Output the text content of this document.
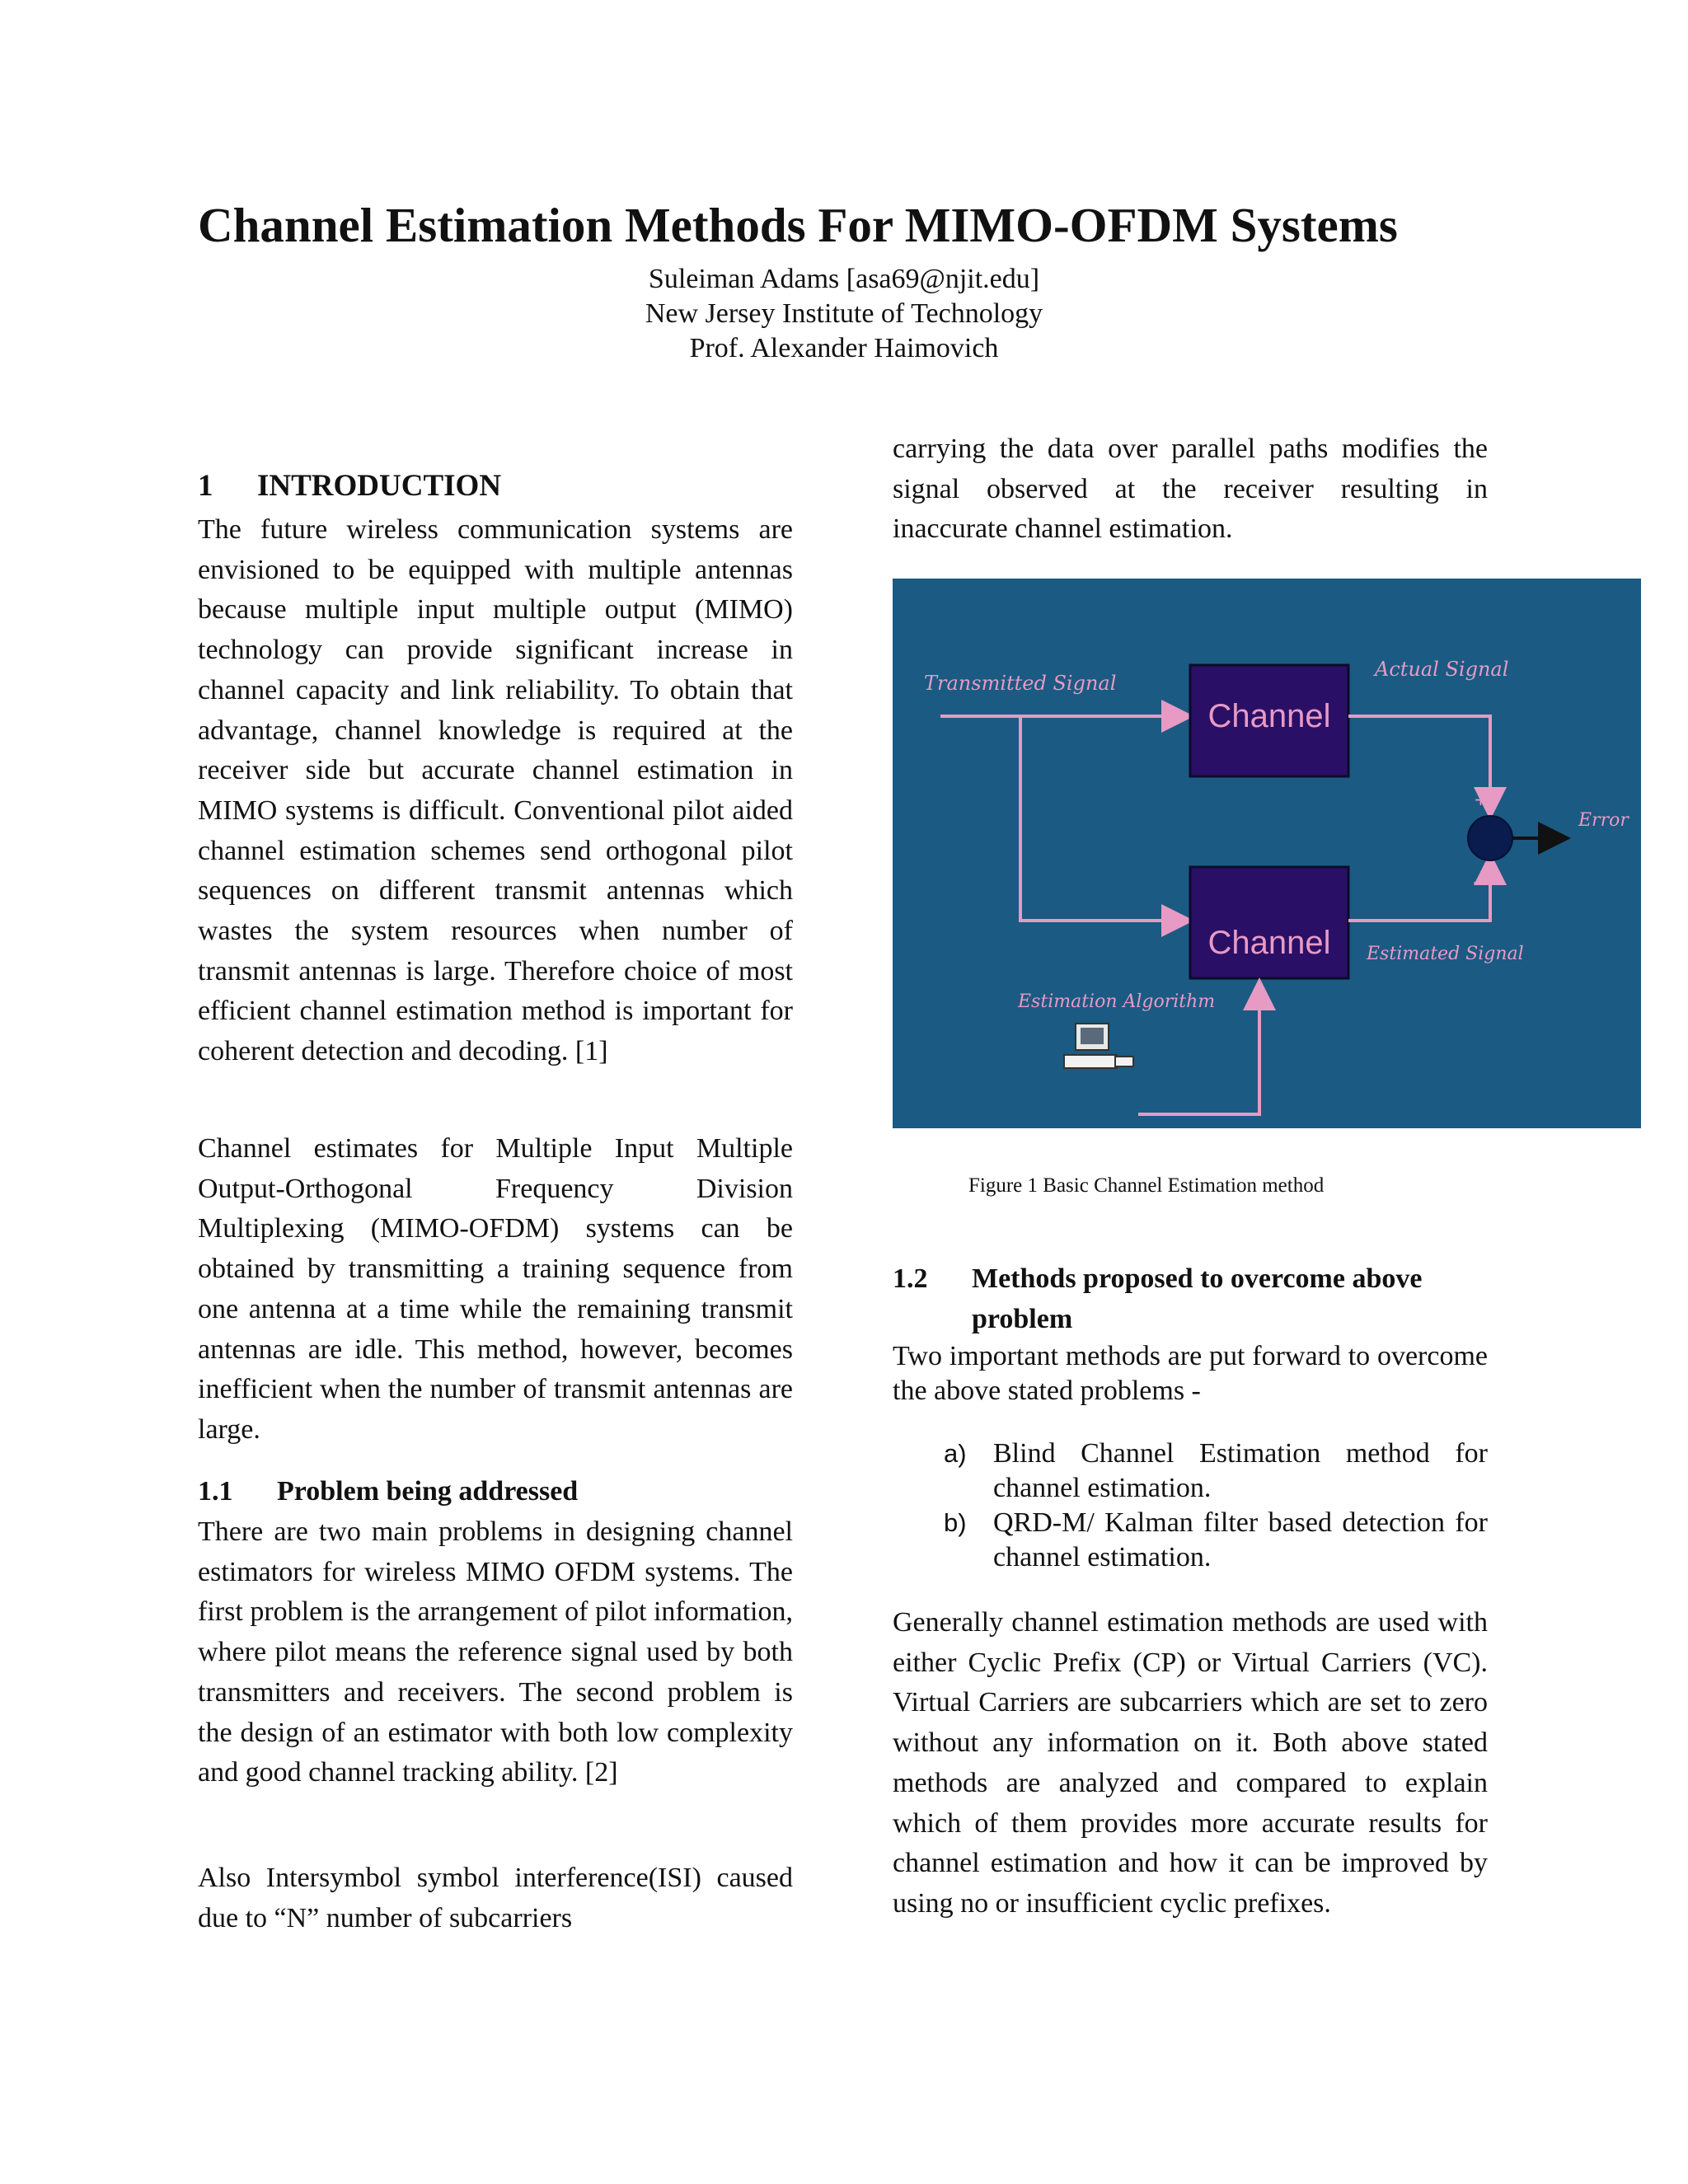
Channel Estimation Methods For MIMO-OFDM Systems
Suleiman Adams [asa69@njit.edu]
New Jersey Institute of Technology
Prof. Alexander Haimovich
1 INTRODUCTION

The future wireless communication systems are envisioned to be equipped with multiple antennas because multiple input multiple output (MIMO) technology can provide significant increase in channel capacity and link reliability. To obtain that advantage, channel knowledge is required at the receiver side but accurate channel estimation in MIMO systems is difficult. Conventional pilot aided channel estimation schemes send orthogonal pilot sequences on different transmit antennas which wastes the system resources when number of transmit antennas is large. Therefore choice of most efficient channel estimation method is important for coherent detection and decoding. [1]

Channel estimates for Multiple Input Multiple Output-Orthogonal Frequency Division Multiplexing (MIMO-OFDM) systems can be obtained by transmitting a training sequence from one antenna at a time while the remaining transmit antennas are idle. This method, however, becomes inefficient when the number of transmit antennas are large.

1.1 Problem being addressed

There are two main problems in designing channel estimators for wireless MIMO OFDM systems. The first problem is the arrangement of pilot information, where pilot means the reference signal used by both transmitters and receivers. The second problem is the design of an estimator with both low complexity and good channel tracking ability. [2]

Also Intersymbol symbol interference(ISI) caused due to “N” number of subcarriers

carrying the data over parallel paths modifies the signal observed at the receiver resulting in inaccurate channel estimation.

Channel
Channel
Transmitted Signal
Actual Signal
Error
Estimated Signal
Estimation Algorithm
+
−
Figure 1 Basic Channel Estimation method
1.2 Methods proposed to overcome above
problem

Two important methods are put forward to overcome the above stated problems -

a) Blind Channel Estimation method for channel estimation.
b) QRD-M/ Kalman filter based detection for channel estimation.

Generally channel estimation methods are used with either Cyclic Prefix (CP) or Virtual Carriers (VC). Virtual Carriers are subcarriers which are set to zero without any information on it. Both above stated methods are analyzed and compared to explain which of them provides more accurate results for channel estimation and how it can be improved by using no or insufficient cyclic prefixes.
